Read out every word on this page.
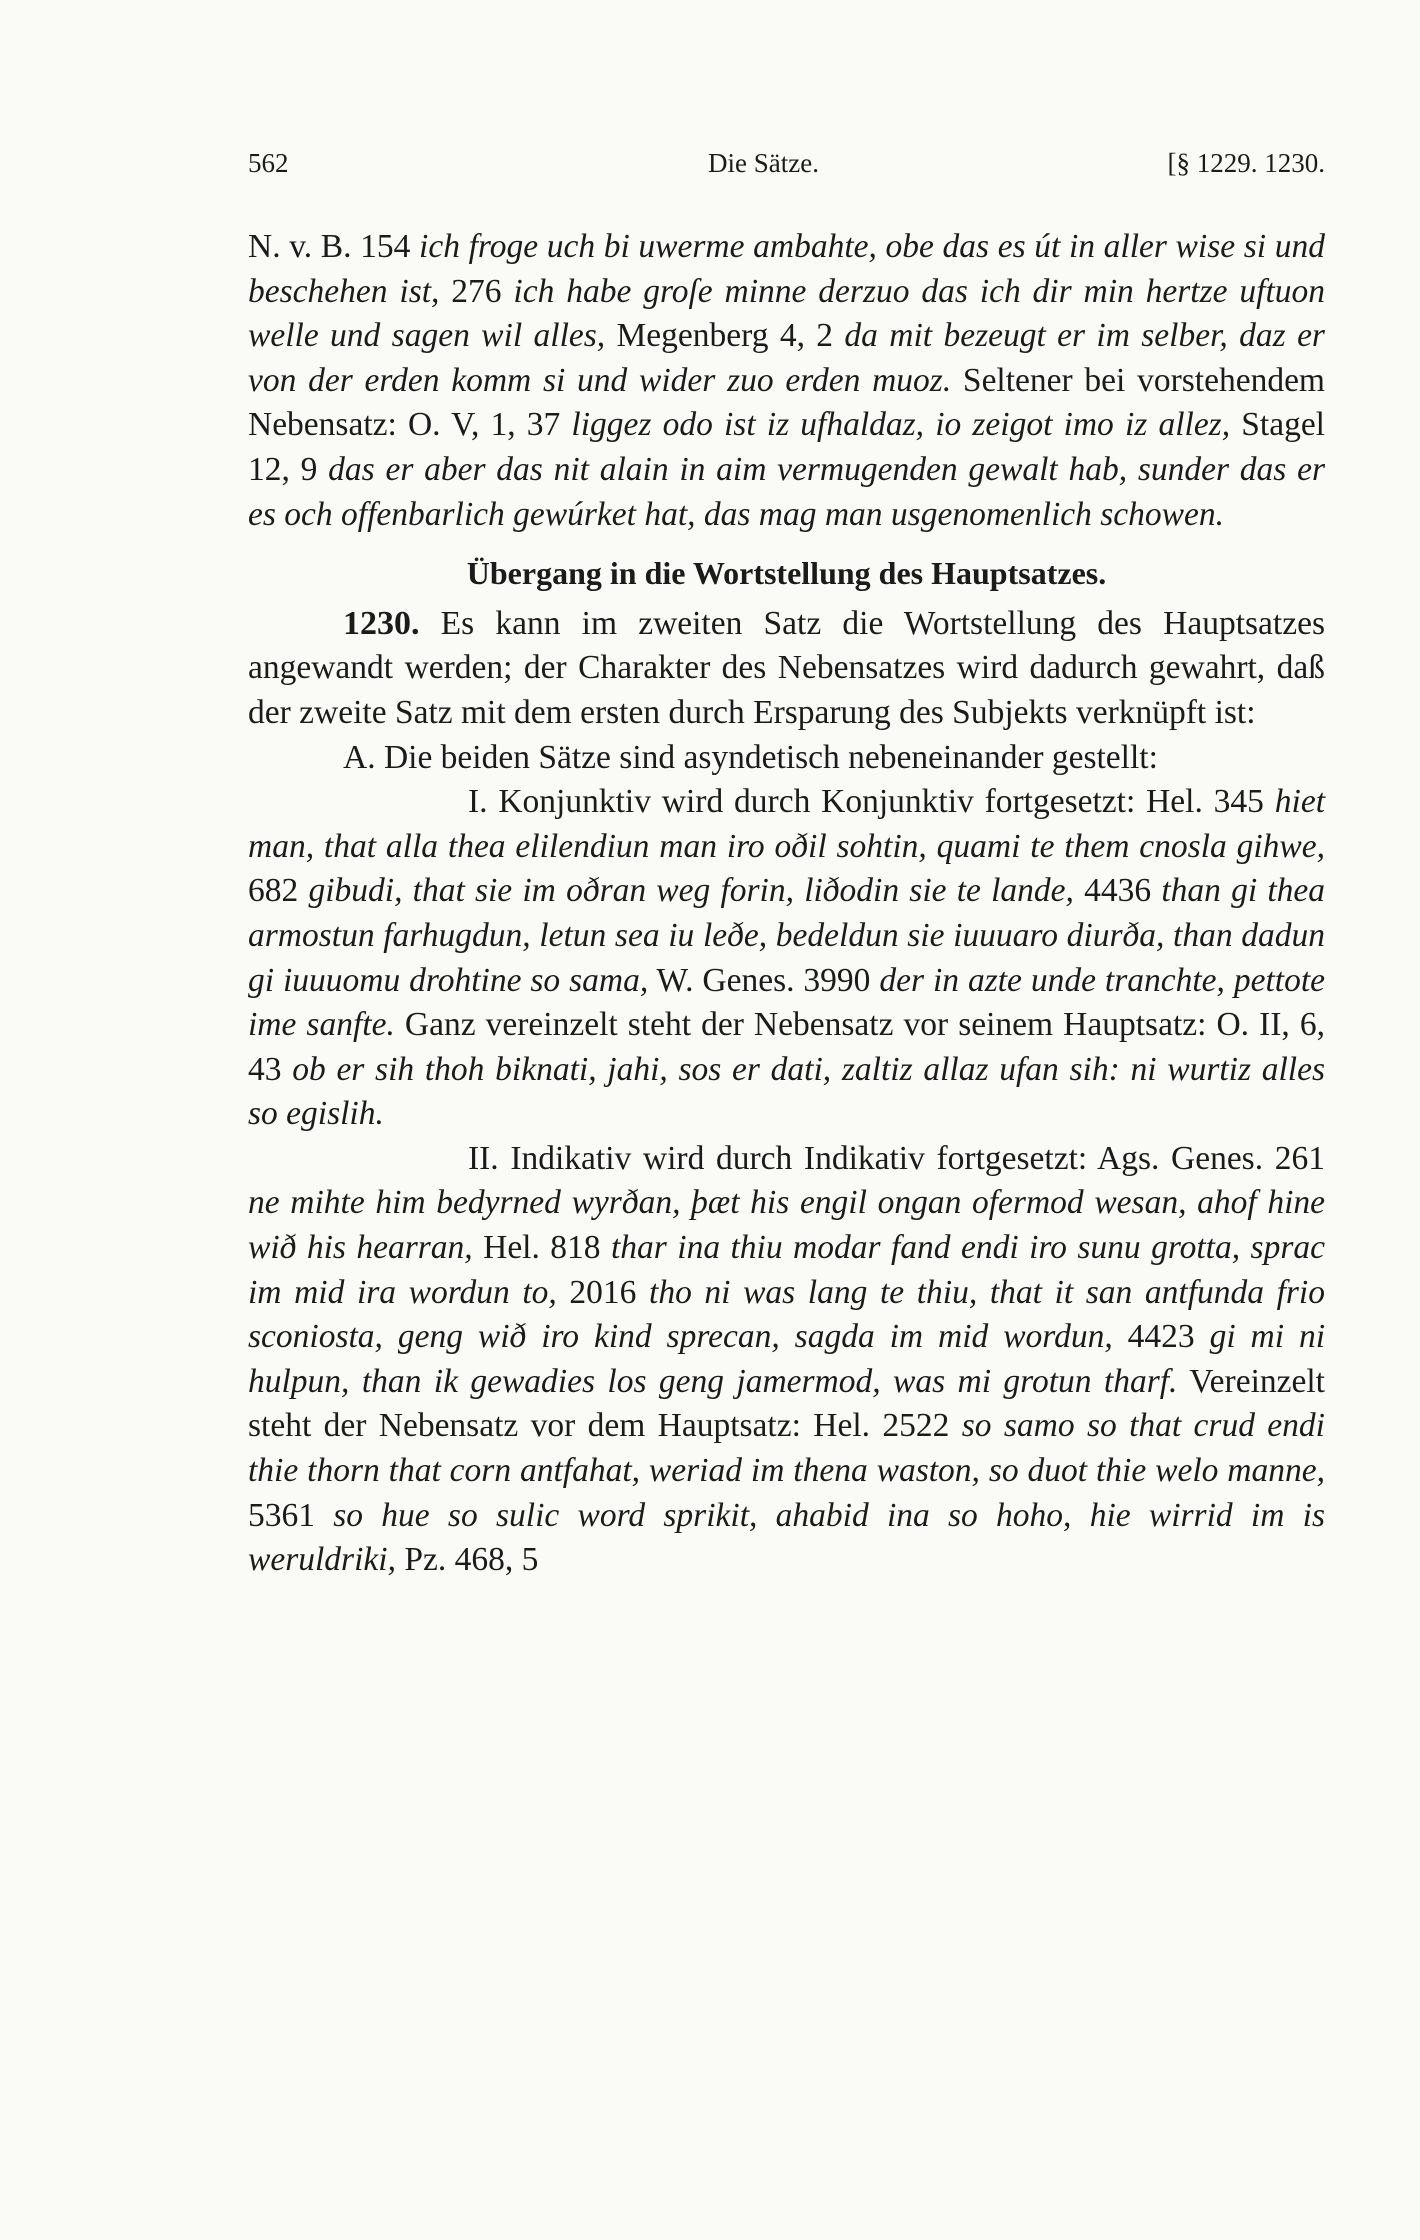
562	Die Sätze.	[§ 1229. 1230.

N. v. B. 154 ich froge uch bi uwerme ambahte, obe das es út in aller wise si und beschehen ist, 276 ich habe groſe minne derzuo das ich dir min hertze uftuon welle und sagen wil alles, Megenberg 4, 2 da mit bezeugt er im selber, daz er von der erden komm si und wider zuo erden muoz. Seltener bei vorstehendem Nebensatz: O. V, 1, 37 liggez odo ist iz ufhaldaz, io zeigot imo iz allez, Stagel 12, 9 das er aber das nit alain in aim vermugenden gewalt hab, sunder das er es och offenbarlich gewúrket hat, das mag man usgenomenlich schowen.

Übergang in die Wortstellung des Hauptsatzes.

1230. Es kann im zweiten Satz die Wortstellung des Hauptsatzes angewandt werden; der Charakter des Nebensatzes wird dadurch gewahrt, daß der zweite Satz mit dem ersten durch Ersparung des Subjekts verknüpft ist:

A. Die beiden Sätze sind asyndetisch nebeneinander gestellt:

I. Konjunktiv wird durch Konjunktiv fortgesetzt: Hel. 345 hiet man, that alla thea elilendiun man iro oðil sohtin, quami te them cnosla gihwe, 682 gibudi, that sie im oðran weg forin, liðodin sie te lande, 4436 than gi thea armostun farhugdun, letun sea iu leðe, bedeldun sie iuuuaro diurða, than dadun gi iuuuomu drohtine so sama, W. Genes. 3990 der in azte unde tranchte, pettote ime sanfte. Ganz vereinzelt steht der Nebensatz vor seinem Hauptsatz: O. II, 6, 43 ob er sih thoh biknati, jahi, sos er dati, zaltiz allaz ufan sih: ni wurtiz alles so egislih.

II. Indikativ wird durch Indikativ fortgesetzt: Ags. Genes. 261 ne mihte him bedyrned wyrðan, þæt his engil ongan ofermod wesan, ahof hine wið his hearran, Hel. 818 thar ina thiu modar fand endi iro sunu grotta, sprac im mid ira wordun to, 2016 tho ni was lang te thiu, that it san antfunda frio sconiosta, geng wið iro kind sprecan, sagda im mid wordun, 4423 gi mi ni hulpun, than ik gewadies los geng jamermod, was mi grotun tharf. Vereinzelt steht der Nebensatz vor dem Hauptsatz: Hel. 2522 so samo so that crud endi thie thorn that corn antfahat, weriad im thena waston, so duot thie welo manne, 5361 so hue so sulic word sprikit, ahabid ina so hoho, hie wirrid im is weruldriki, Pz. 468, 5
